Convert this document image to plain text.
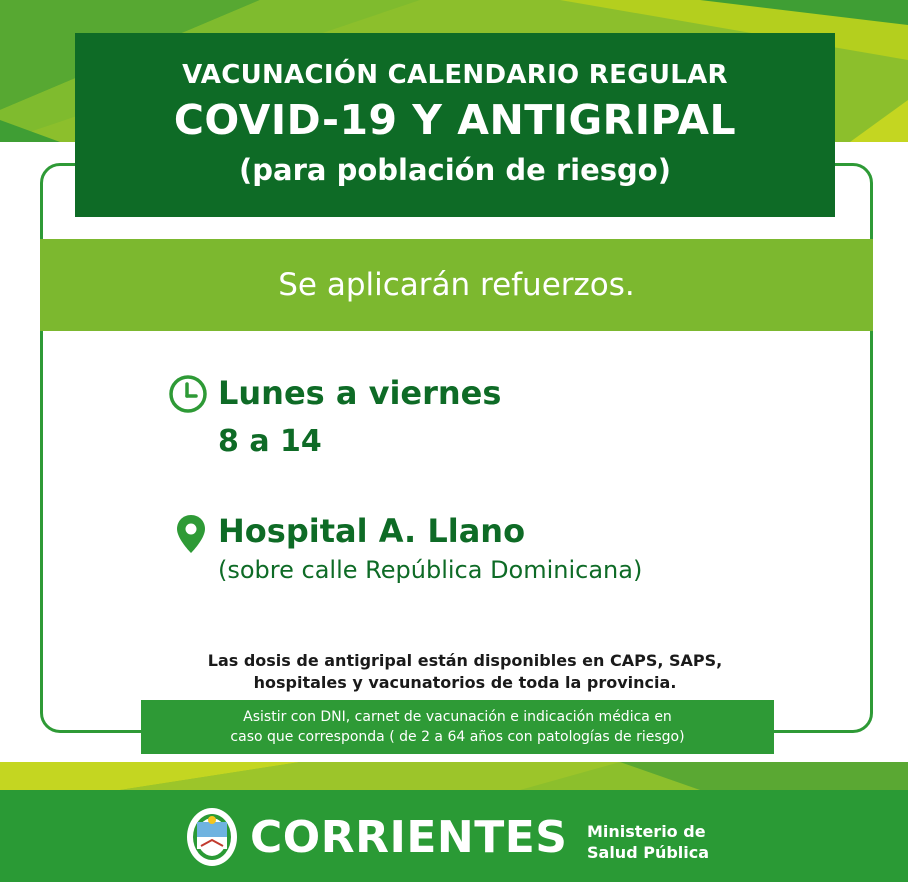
VACUNACIÓN CALENDARIO REGULAR
COVID-19 Y ANTIGRIPAL
(para población de riesgo)
Se aplicarán refuerzos.
Lunes a viernes
8 a 14
Hospital A. Llano
(sobre calle República Dominicana)
Las dosis de antigripal están disponibles en CAPS, SAPS,
hospitales y vacunatorios de toda la provincia.
Asistir con DNI, carnet de vacunación e indicación médica en
caso que corresponda ( de 2 a 64 años con patologías de riesgo)
CORRIENTES Ministerio de
Salud Pública
